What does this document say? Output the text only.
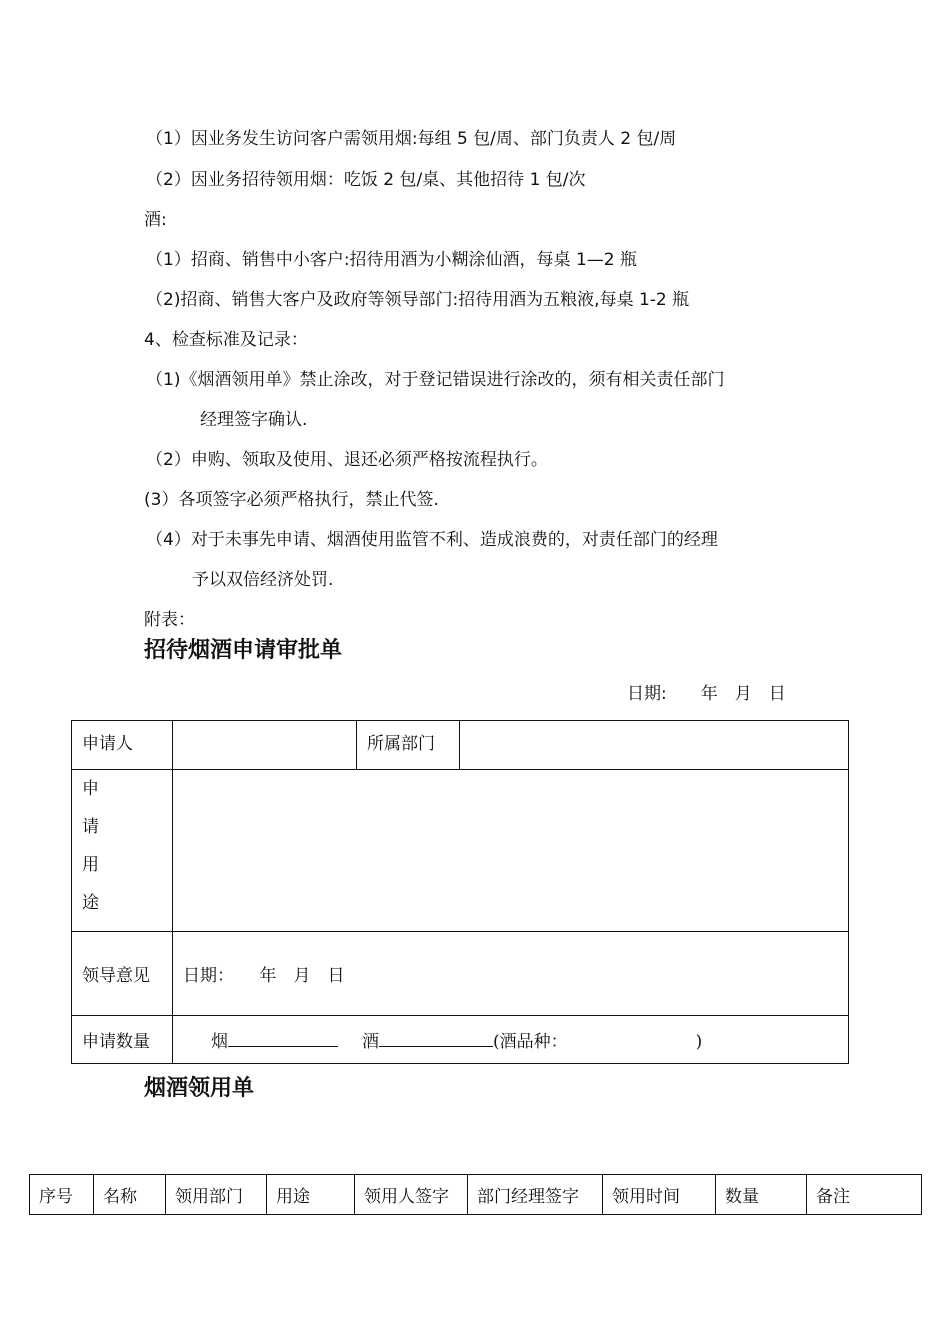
（1）因业务发生访问客户需领用烟:每组 5 包/周、部门负责人 2 包/周
（2）因业务招待领用烟：吃饭 2 包/桌、其他招待 1 包/次
酒:
（1）招商、销售中小客户:招待用酒为小糊涂仙酒，每桌 1—2 瓶
（2)招商、销售大客户及政府等领导部门:招待用酒为五粮液,每桌 1-2 瓶
4、检查标准及记录：
（1)《烟酒领用单》禁止涂改，对于登记错误进行涂改的，须有相关责任部门
经理签字确认.
（2）申购、领取及使用、退还必须严格按流程执行。
(3）各项签字必须严格执行，禁止代签.
（4）对于未事先申请、烟酒使用监管不利、造成浪费的，对责任部门的经理
予以双倍经济处罚.
附表：
招待烟酒申请审批单
日期:　　年　月　日
申请人		所属部门	

申
请
用
途			

领导意见	日期：　　年　月　日		
申请数量	烟 酒 (酒品种： )		
烟酒领用单
序号	名称	领用部门	用途	领用人签字	部门经理签字	领用时间	数量	备注
